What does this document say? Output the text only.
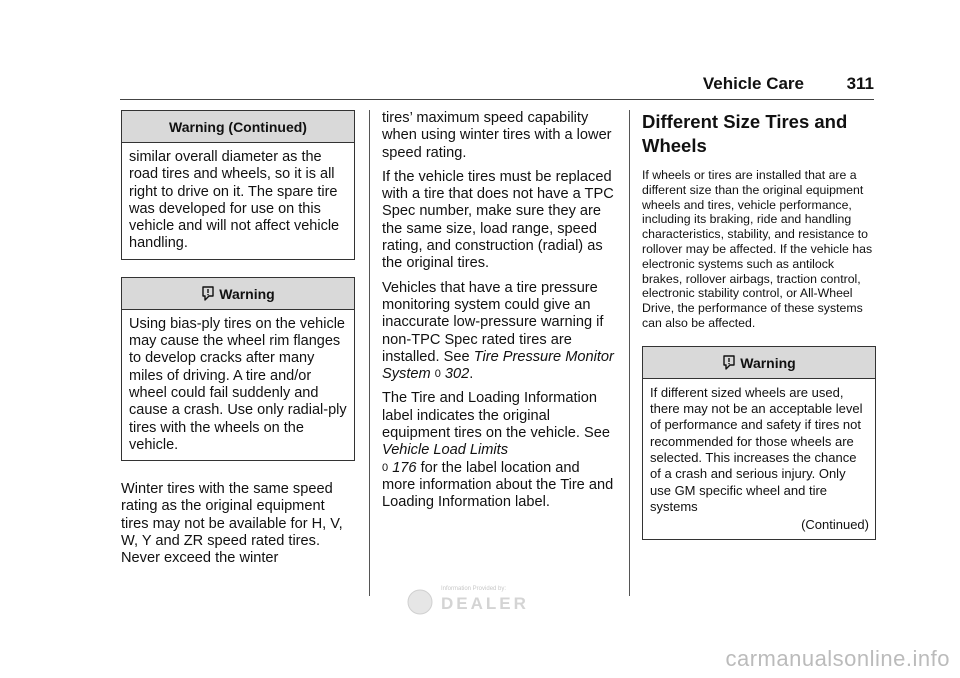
Vehicle Care	311
Warning (Continued)

similar overall diameter as the road tires and wheels, so it is all right to drive on it. The spare tire was developed for use on this vehicle and will not affect vehicle handling.

Warning

Using bias-ply tires on the vehicle may cause the wheel rim flanges to develop cracks after many miles of driving. A tire and/or wheel could fail suddenly and cause a crash. Use only radial-ply tires with the wheels on the vehicle.

Winter tires with the same speed rating as the original equipment tires may not be available for H, V, W, Y and ZR speed rated tires. Never exceed the winter

tires’ maximum speed capability when using winter tires with a lower speed rating.

If the vehicle tires must be replaced with a tire that does not have a TPC Spec number, make sure they are the same size, load range, speed rating, and construction (radial) as the original tires.

Vehicles that have a tire pressure monitoring system could give an inaccurate low-pressure warning if non-TPC Spec rated tires are installed. See Tire Pressure Monitor System 0 302.

The Tire and Loading Information label indicates the original equipment tires on the vehicle. See Vehicle Load Limits
0 176 for the label location and more information about the Tire and Loading Information label.

Different Size Tires and Wheels

If wheels or tires are installed that are a different size than the original equipment wheels and tires, vehicle performance, including its braking, ride and handling characteristics, stability, and resistance to rollover may be affected. If the vehicle has electronic systems such as antilock brakes, rollover airbags, traction control, electronic stability control, or All-Wheel Drive, the performance of these systems can also be affected.

Warning

If different sized wheels are used, there may not be an acceptable level of performance and safety if tires not recommended for those wheels are selected. This increases the chance of a crash and serious injury. Only use GM specific wheel and tire systems

(Continued)
Information Provided by:
DEALER
carmanualsonline.info
